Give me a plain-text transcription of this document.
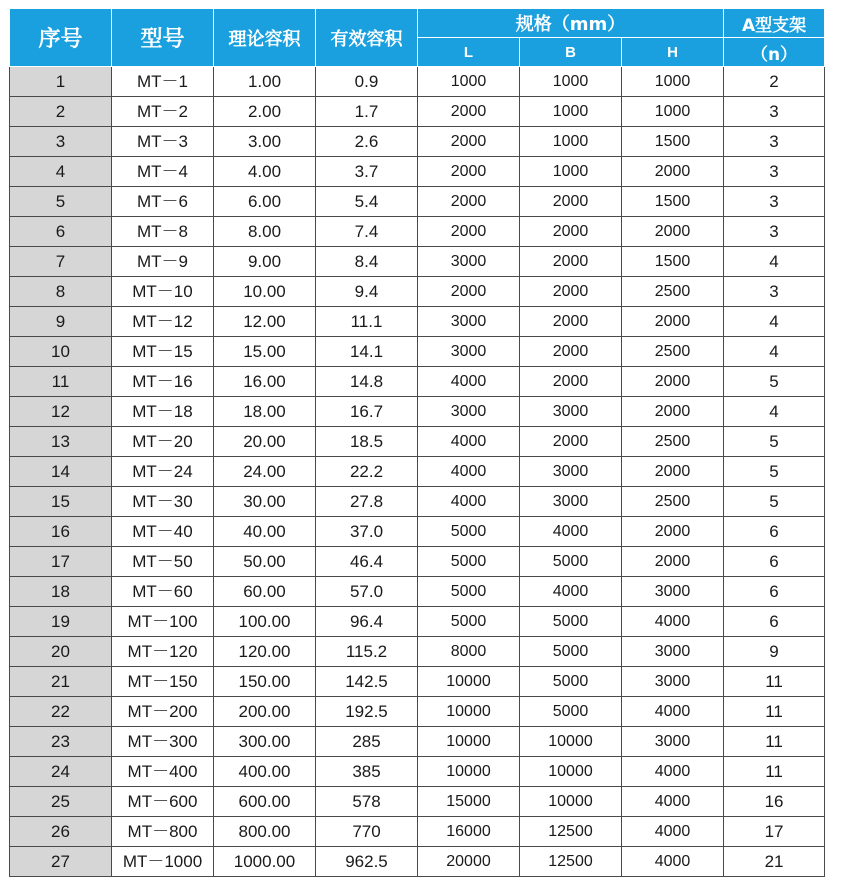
序号	型号	理论容积	有效容积	规格（mm）			A型支架
				L	B	H	（n）
1	MT－1	1.00	0.9	1000	1000	1000	2
2	MT－2	2.00	1.7	2000	1000	1000	3
3	MT－3	3.00	2.6	2000	1000	1500	3
4	MT－4	4.00	3.7	2000	1000	2000	3
5	MT－6	6.00	5.4	2000	2000	1500	3
6	MT－8	8.00	7.4	2000	2000	2000	3
7	MT－9	9.00	8.4	3000	2000	1500	4
8	MT－10	10.00	9.4	2000	2000	2500	3
9	MT－12	12.00	11.1	3000	2000	2000	4
10	MT－15	15.00	14.1	3000	2000	2500	4
11	MT－16	16.00	14.8	4000	2000	2000	5
12	MT－18	18.00	16.7	3000	3000	2000	4
13	MT－20	20.00	18.5	4000	2000	2500	5
14	MT－24	24.00	22.2	4000	3000	2000	5
15	MT－30	30.00	27.8	4000	3000	2500	5
16	MT－40	40.00	37.0	5000	4000	2000	6
17	MT－50	50.00	46.4	5000	5000	2000	6
18	MT－60	60.00	57.0	5000	4000	3000	6
19	MT－100	100.00	96.4	5000	5000	4000	6
20	MT－120	120.00	115.2	8000	5000	3000	9
21	MT－150	150.00	142.5	10000	5000	3000	11
22	MT－200	200.00	192.5	10000	5000	4000	11
23	MT－300	300.00	285	10000	10000	3000	11
24	MT－400	400.00	385	10000	10000	4000	11
25	MT－600	600.00	578	15000	10000	4000	16
26	MT－800	800.00	770	16000	12500	4000	17
27	MT－1000	1000.00	962.5	20000	12500	4000	21
